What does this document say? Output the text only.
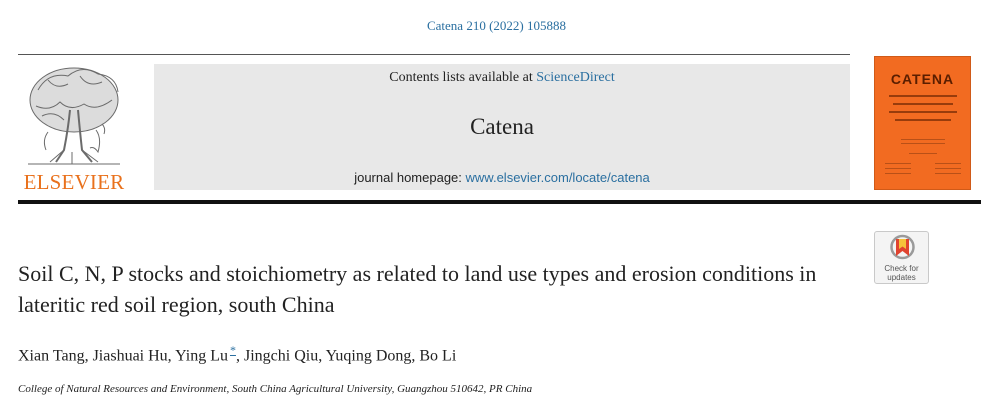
Catena 210 (2022) 105888
ELSEVIER
Contents lists available at ScienceDirect
Catena
journal homepage: www.elsevier.com/locate/catena
CATENA
Soil C, N, P stocks and stoichiometry as related to land use types and erosion conditions in lateritic red soil region, south China
Check for
updates
Xian Tang, Jiashuai Hu, Ying Lu *, Jingchi Qiu, Yuqing Dong, Bo Li
College of Natural Resources and Environment, South China Agricultural University, Guangzhou 510642, PR China
